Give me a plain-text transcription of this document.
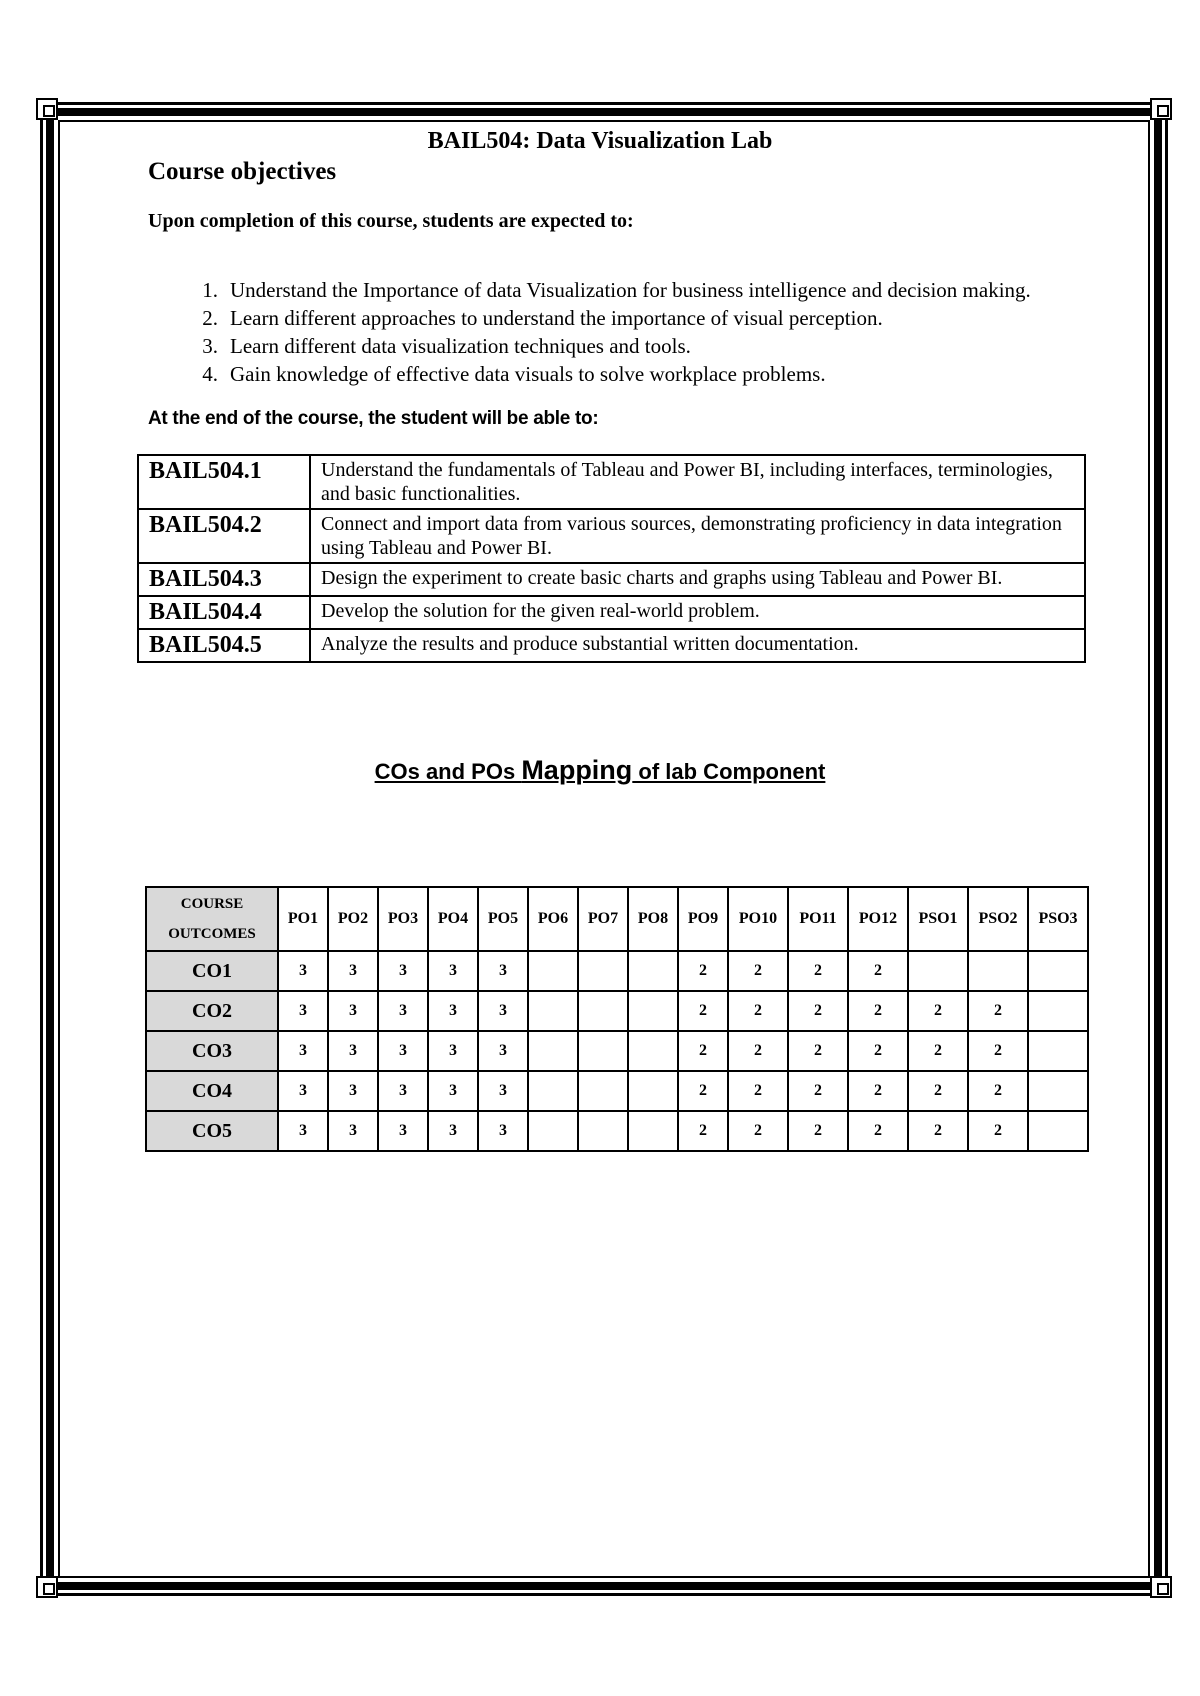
BAIL504: Data Visualization Lab
Course objectives
Upon completion of this course, students are expected to:
1. Understand the Importance of data Visualization for business intelligence and decision making.
2. Learn different approaches to understand the importance of visual perception.
3. Learn different data visualization techniques and tools.
4. Gain knowledge of effective data visuals to solve workplace problems.
At the end of the course, the student will be able to:
BAIL504.1	Understand the fundamentals of Tableau and Power BI, including interfaces, terminologies, and basic functionalities.
BAIL504.2	Connect and import data from various sources, demonstrating proficiency in data integration using Tableau and Power BI.
BAIL504.3	Design the experiment to create basic charts and graphs using Tableau and Power BI.
BAIL504.4	Develop the solution for the given real-world problem.
BAIL504.5	Analyze the results and produce substantial written documentation.
COs and POs Mapping of lab Component
COURSE
OUTCOMES	PO1	PO2	PO3	PO4	PO5	PO6	PO7	PO8	PO9	PO10	PO11	PO12	PSO1	PSO2	PSO3
CO1	3	3	3	3	3				2	2	2	2			
CO2	3	3	3	3	3				2	2	2	2	2	2	
CO3	3	3	3	3	3				2	2	2	2	2	2	
CO4	3	3	3	3	3				2	2	2	2	2	2	
CO5	3	3	3	3	3				2	2	2	2	2	2	
